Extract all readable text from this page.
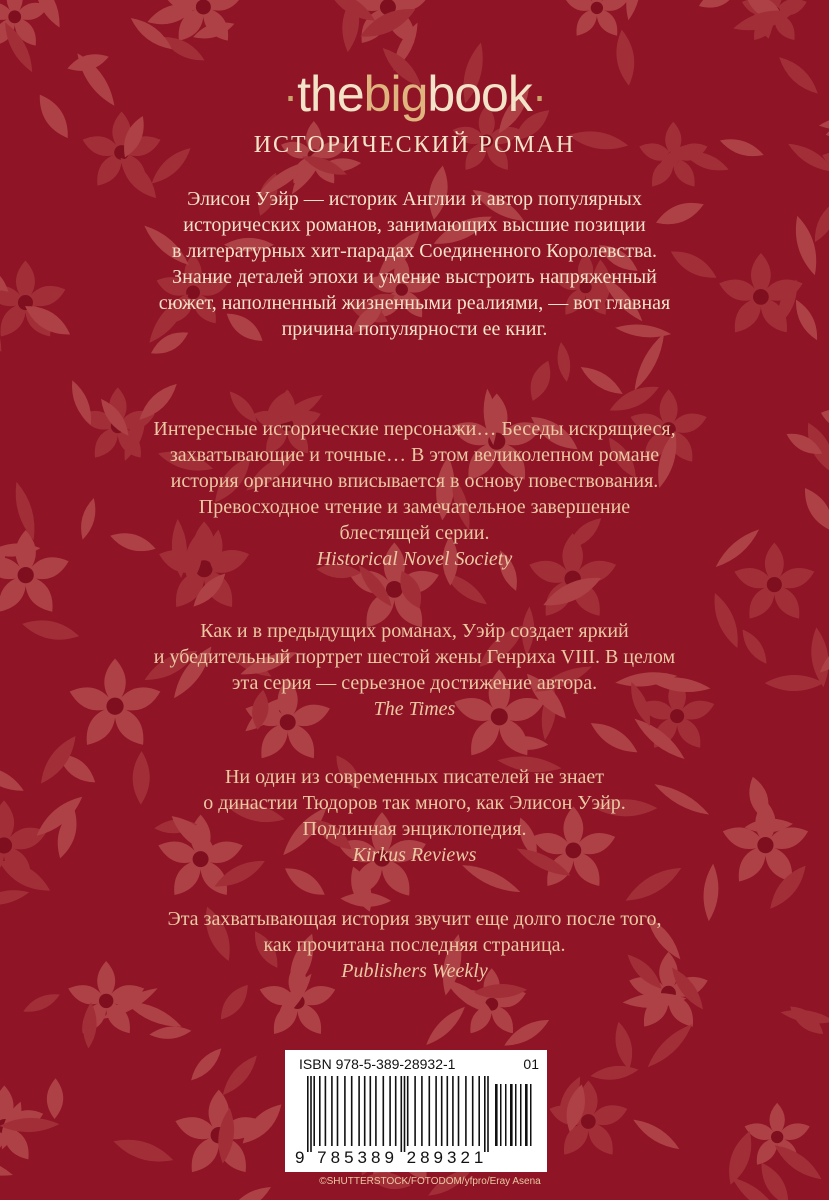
·thebigbook·
ИСТОРИЧЕСКИЙ РОМАН
Элисон Уэйр — историк Англии и автор популярных
исторических романов, занимающих высшие позиции
в литературных хит-парадах Соединенного Королевства.
Знание деталей эпохи и умение выстроить напряженный
сюжет, наполненный жизненными реалиями, — вот главная
причина популярности ее книг.
Интересные исторические персонажи… Беседы искрящиеся,
захватывающие и точные… В этом великолепном романе
история органично вписывается в основу повествования.
Превосходное чтение и замечательное завершение
блестящей серии.
Historical Novel Society
Как и в предыдущих романах, Уэйр создает яркий
и убедительный портрет шестой жены Генриха VIII. В целом
эта серия — серьезное достижение автора.
The Times
Ни один из современных писателей не знает
о династии Тюдоров так много, как Элисон Уэйр.
Подлинная энциклопедия.
Kirkus Reviews
Эта захватывающая история звучит еще долго после того,
как прочитана последняя страница.
Publishers Weekly
ISBN 978-5-389-28932-1	01
9 785389 289321
©SHUTTERSTOCK/FOTODOM/yfpro/Eray Asena
